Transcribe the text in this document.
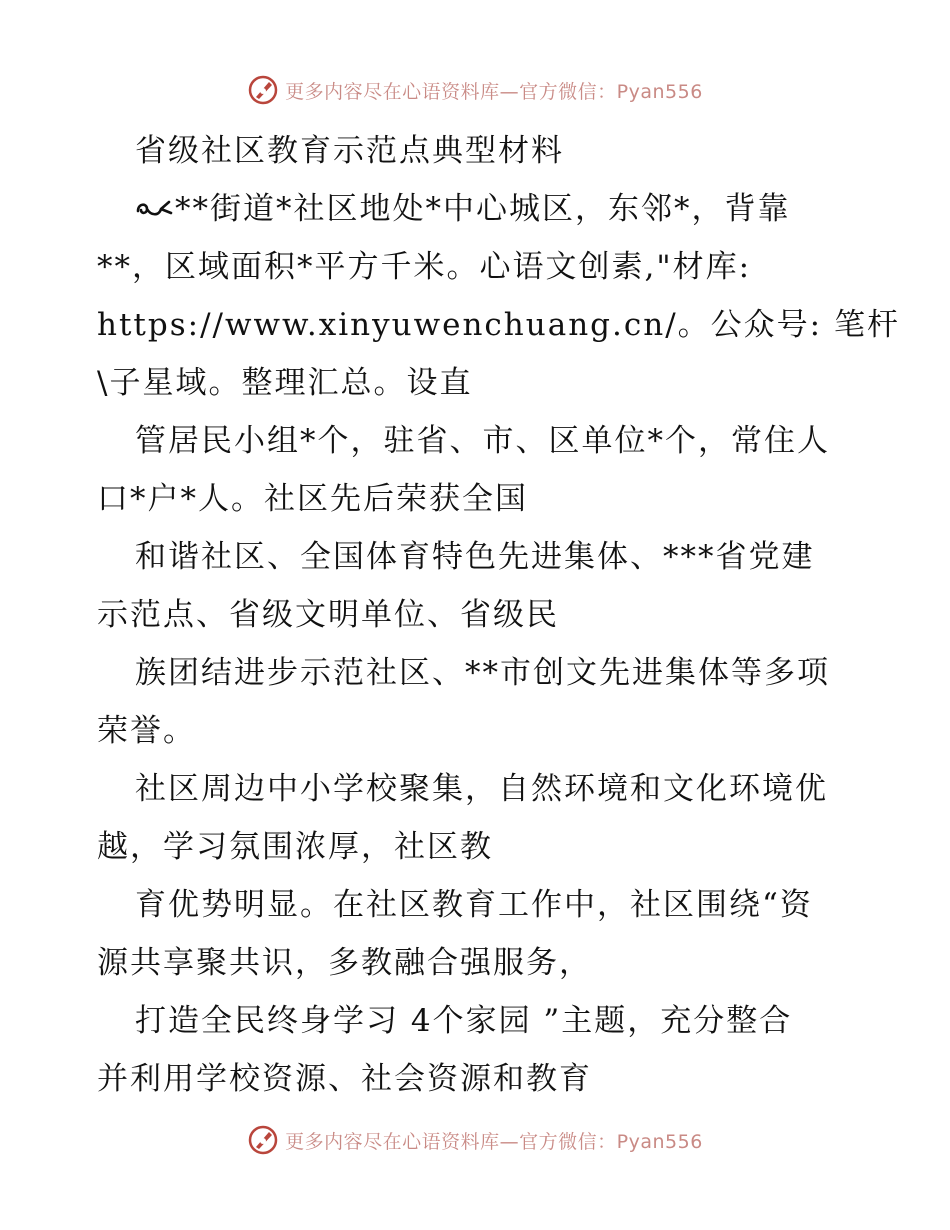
更多内容尽在心语资料库—官方微信：Pyan556
省级社区教育示范点典型材料
**街道*社区地处*中心城区，东邻*，背靠
**，区域面积*平方千米。心语文创素,"材库:
https://www.xinyuwenchuang.cn/。公众号: 笔杆
\子星域。整理汇总。设直
管居民小组*个，驻省、市、区单位*个，常住人
口*户*人。社区先后荣获全国
和谐社区、全国体育特色先进集体、***省党建
示范点、省级文明单位、省级民
族团结进步示范社区、**市创文先进集体等多项
荣誉。
社区周边中小学校聚集，自然环境和文化环境优
越，学习氛围浓厚，社区教
育优势明显。在社区教育工作中，社区围绕“资
源共享聚共识，多教融合强服务，
打造全民终身学习 4个家园 ”主题，充分整合
并利用学校资源、社会资源和教育
更多内容尽在心语资料库—官方微信：Pyan556
